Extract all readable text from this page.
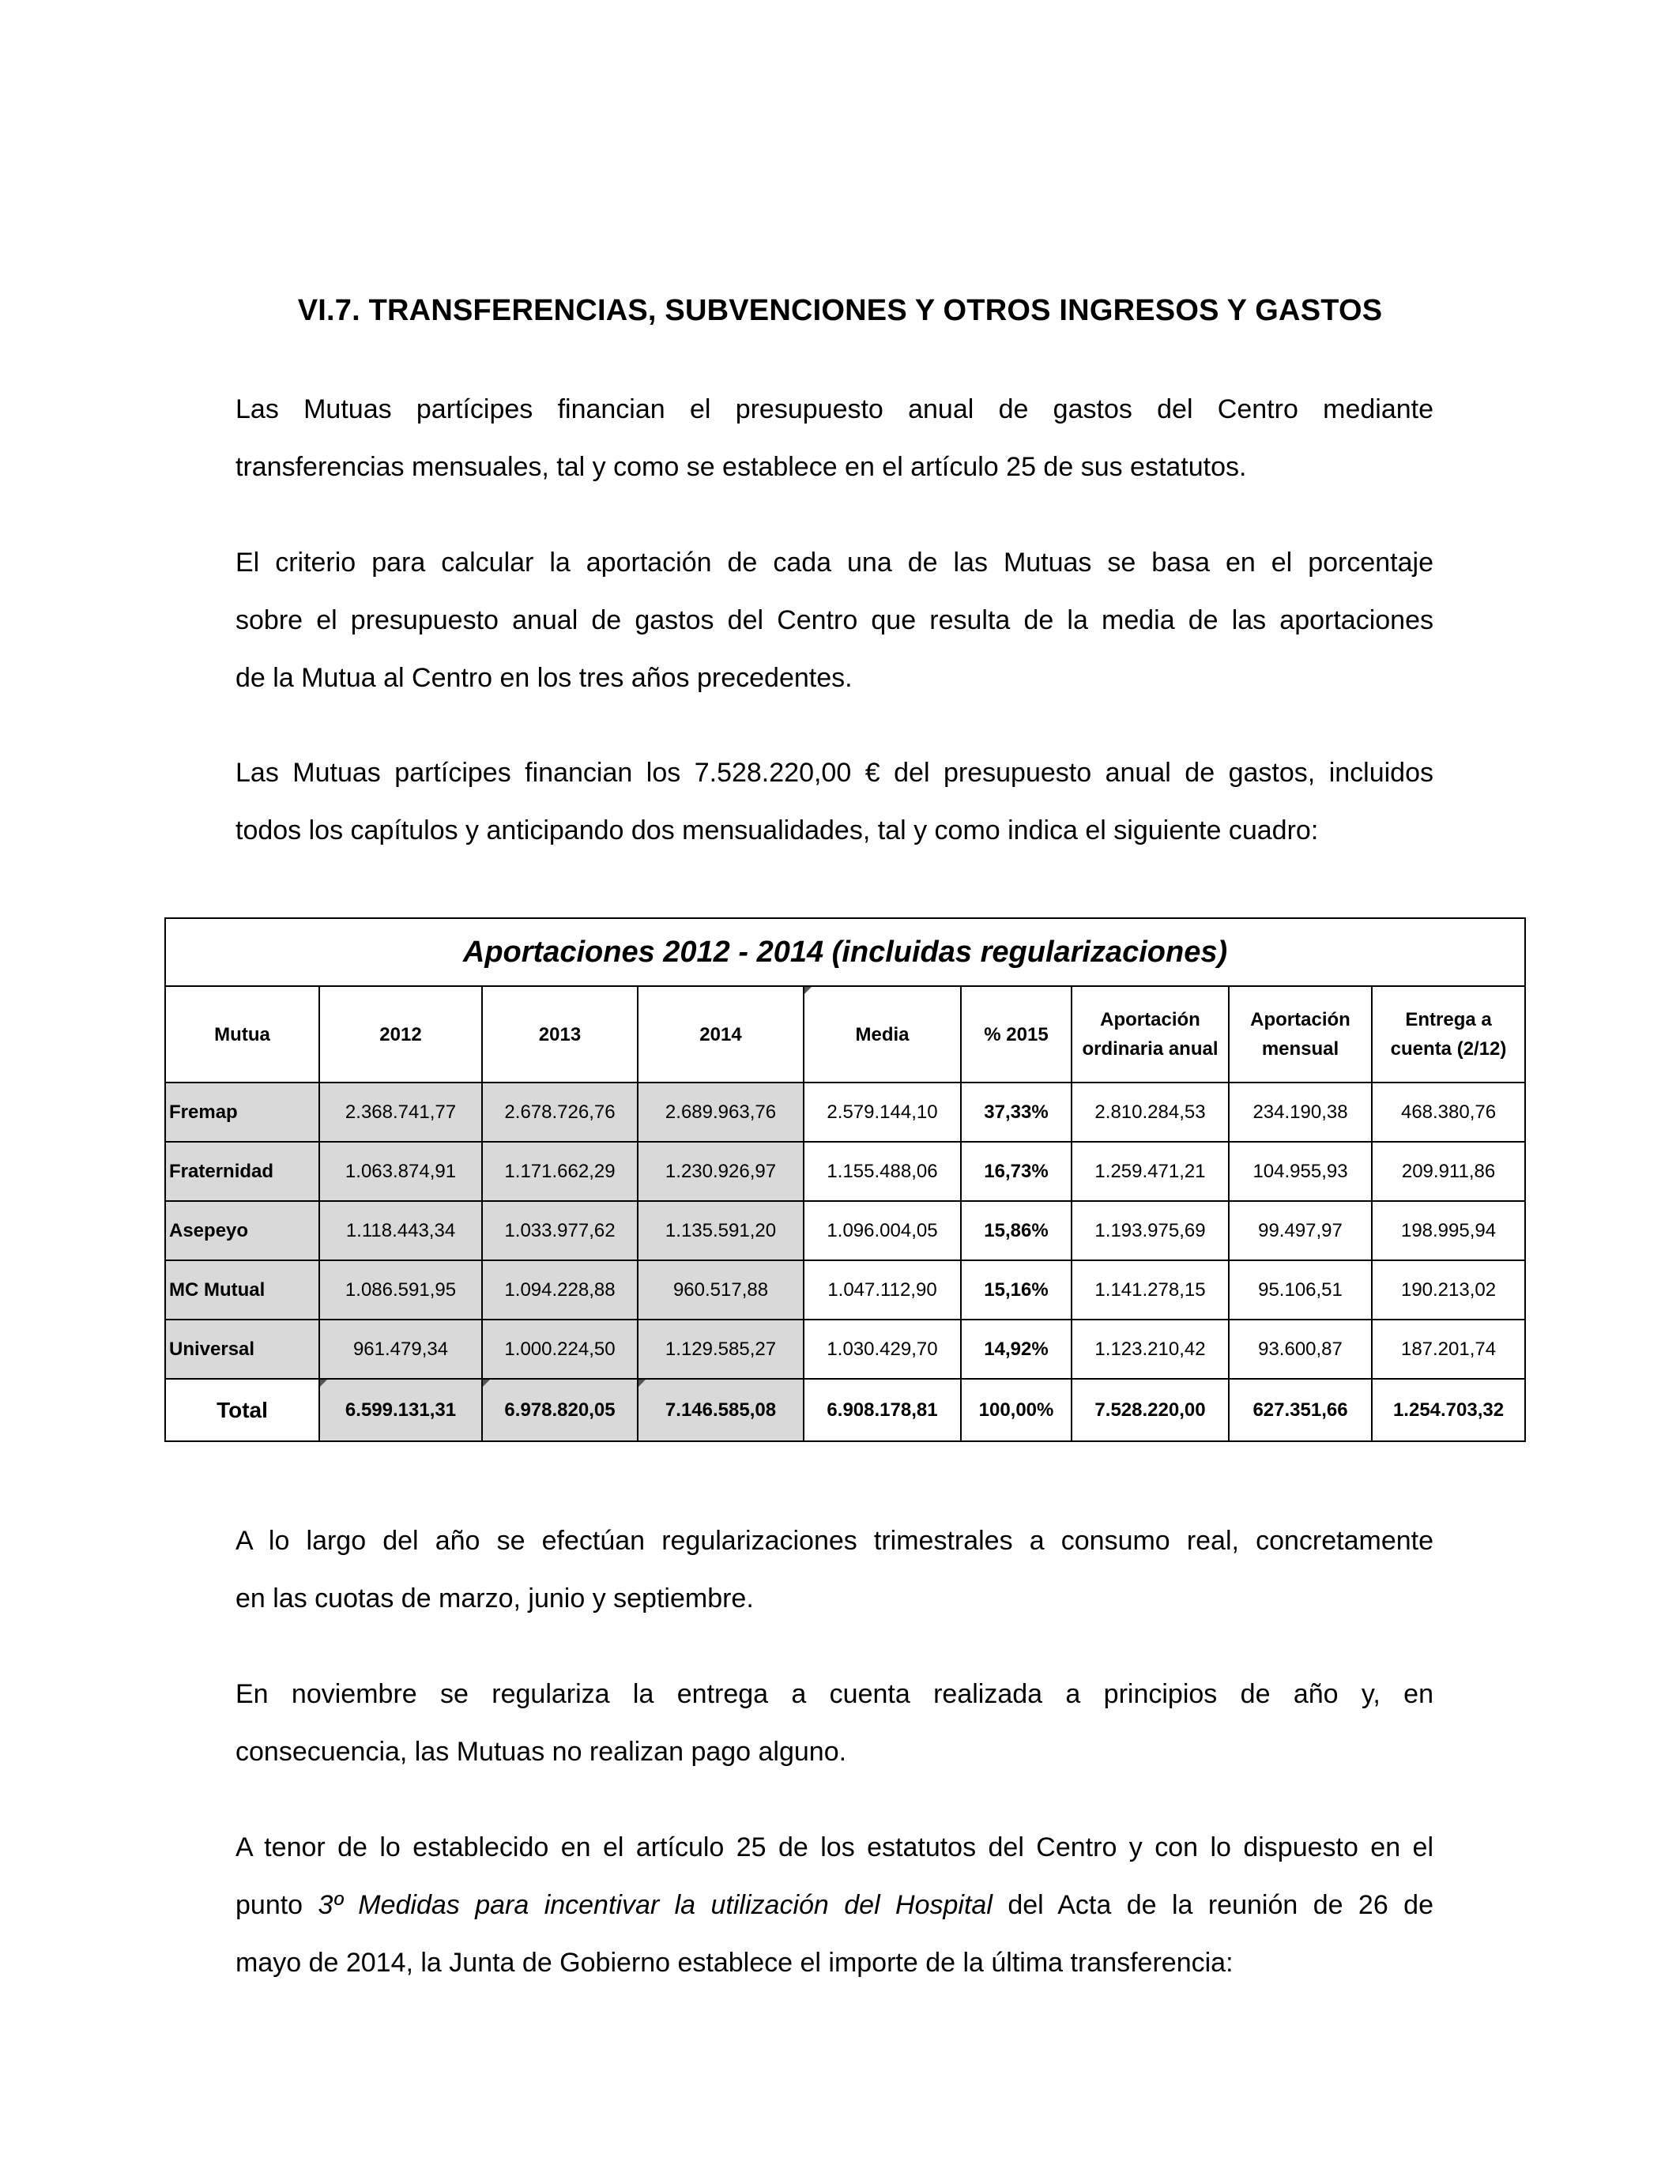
VI.7. TRANSFERENCIAS, SUBVENCIONES Y OTROS INGRESOS Y GASTOS

Las Mutuas partícipes financian el presupuesto anual de gastos del Centro mediante

transferencias mensuales, tal y como se establece en el artículo 25 de sus estatutos.

El criterio para calcular la aportación de cada una de las Mutuas se basa en el porcentaje

sobre el presupuesto anual de gastos del Centro que resulta de la media de las aportaciones

de la Mutua al Centro en los tres años precedentes.

Las Mutuas partícipes financian los 7.528.220,00 € del presupuesto anual de gastos, incluidos

todos los capítulos y anticipando dos mensualidades, tal y como indica el siguiente cuadro:

Aportaciones 2012 - 2014 (incluidas regularizaciones)								
Mutua	2012	2013	2014	Media	% 2015	Aportación ordinaria anual	Aportación mensual	Entrega a cuenta (2/12)
Fremap	2.368.741,77	2.678.726,76	2.689.963,76	2.579.144,10	37,33%	2.810.284,53	234.190,38	468.380,76
Fraternidad	1.063.874,91	1.171.662,29	1.230.926,97	1.155.488,06	16,73%	1.259.471,21	104.955,93	209.911,86
Asepeyo	1.118.443,34	1.033.977,62	1.135.591,20	1.096.004,05	15,86%	1.193.975,69	99.497,97	198.995,94
MC Mutual	1.086.591,95	1.094.228,88	960.517,88	1.047.112,90	15,16%	1.141.278,15	95.106,51	190.213,02
Universal	961.479,34	1.000.224,50	1.129.585,27	1.030.429,70	14,92%	1.123.210,42	93.600,87	187.201,74
Total	6.599.131,31	6.978.820,05	7.146.585,08	6.908.178,81	100,00%	7.528.220,00	627.351,66	1.254.703,32

A lo largo del año se efectúan regularizaciones trimestrales a consumo real, concretamente

en las cuotas de marzo, junio y septiembre.

En noviembre se regulariza la entrega a cuenta realizada a principios de año y, en

consecuencia, las Mutuas no realizan pago alguno.

A tenor de lo establecido en el artículo 25 de los estatutos del Centro y con lo dispuesto en el

punto 3º Medidas para incentivar la utilización del Hospital del Acta de la reunión de 26 de

mayo de 2014, la Junta de Gobierno establece el importe de la última transferencia:
